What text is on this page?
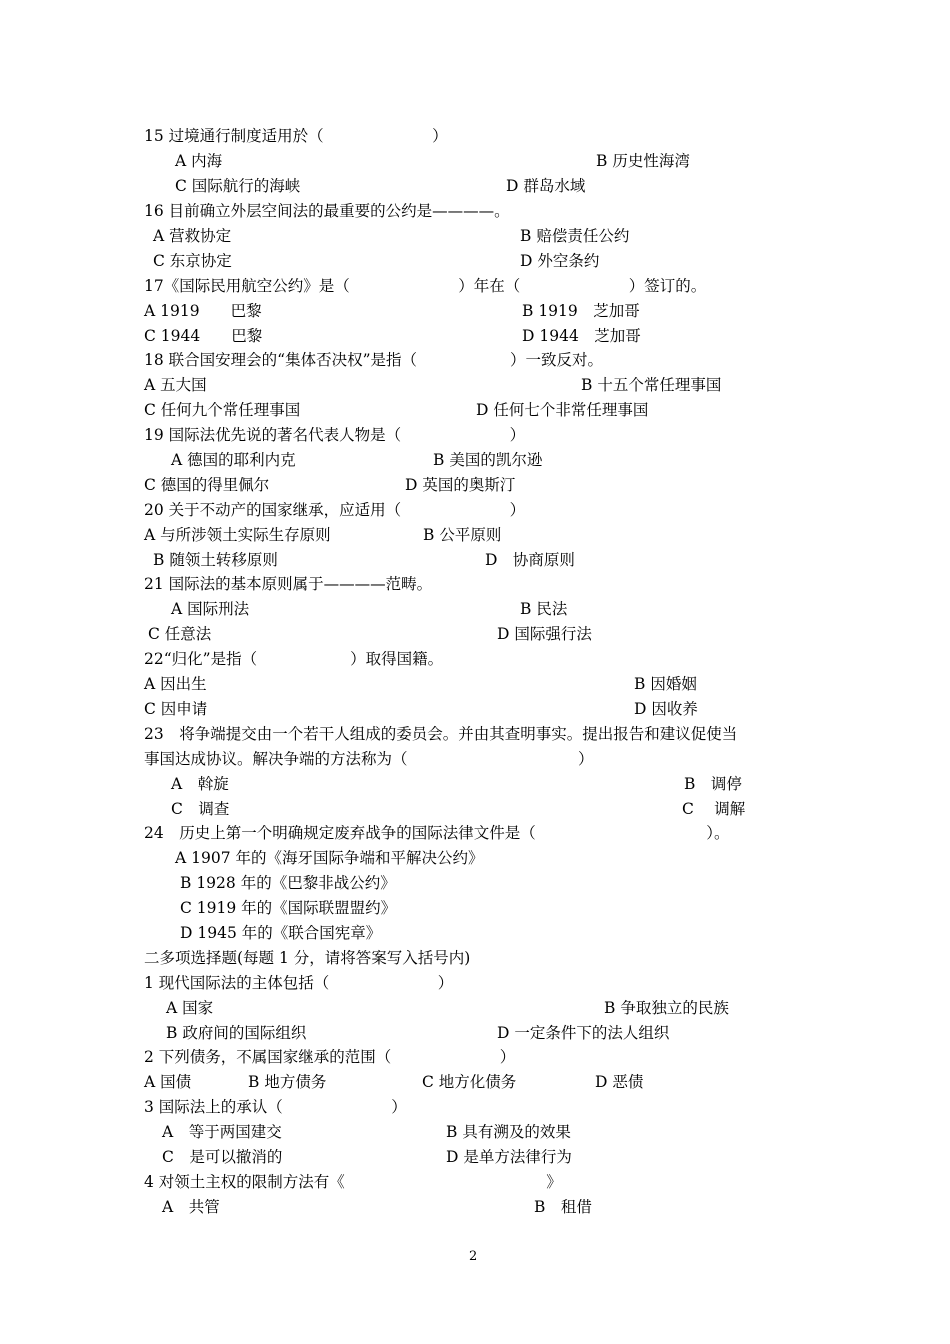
15 过境通行制度适用於（　　　　　　　）
A 内海	B 历史性海湾
C 国际航行的海峡	D 群岛水域
16 目前确立外层空间法的最重要的公约是————。
A 营救协定	B 赔偿责任公约
C 东京协定	D 外空条约
17《国际民用航空公约》是（　　　　　　　）年在（　　　　　　　）签订的。
A 1919　　巴黎	B 1919　芝加哥
C 1944　　巴黎	D 1944　芝加哥
18 联合国安理会的“集体否决权”是指（　　　　　　）一致反对。
A 五大国	B 十五个常任理事国
C 任何九个常任理事国	D 任何七个非常任理事国
19 国际法优先说的著名代表人物是（　　　　　　　）
A 德国的耶利内克	B 美国的凯尔逊
C 德国的得里佩尔	D 英国的奥斯汀
20 关于不动产的国家继承，应适用（　　　　　　　）
A 与所涉领土实际生存原则	B 公平原则
B 随领土转移原则	D　协商原则
21 国际法的基本原则属于————范畴。
A 国际刑法	B 民法
C 任意法	D 国际强行法
22“归化”是指（　　　　　　）取得国籍。
A 因出生	B 因婚姻
C 因申请	D 因收养
23　将争端提交由一个若干人组成的委员会。并由其查明事实。提出报告和建议促使当
事国达成协议。解决争端的方法称为（　　　　　　　　　　　）
A　斡旋	B　调停
C　调查	C　 调解
24　历史上第一个明确规定废弃战争的国际法律文件是（　　　　　　　　　　　）。
A 1907 年的《海牙国际争端和平解决公约》
B 1928 年的《巴黎非战公约》
C 1919 年的《国际联盟盟约》
D 1945 年的《联合国宪章》
二多项选择题(每题 1 分，请将答案写入括号内)
1 现代国际法的主体包括（　　　　　　　）
A 国家	B 争取独立的民族
B 政府间的国际组织	D 一定条件下的法人组织
2 下列债务，不属国家继承的范围（　　　　　　　）
A 国债	B 地方债务	C 地方化债务	D 恶债
3 国际法上的承认（　　　　　　　）
A　等于两国建交	B 具有溯及的效果
C　是可以撤消的	D 是单方法律行为
4 对领土主权的限制方法有《　　　　　　　　　　　　　》
A　共管	B　租借
2
